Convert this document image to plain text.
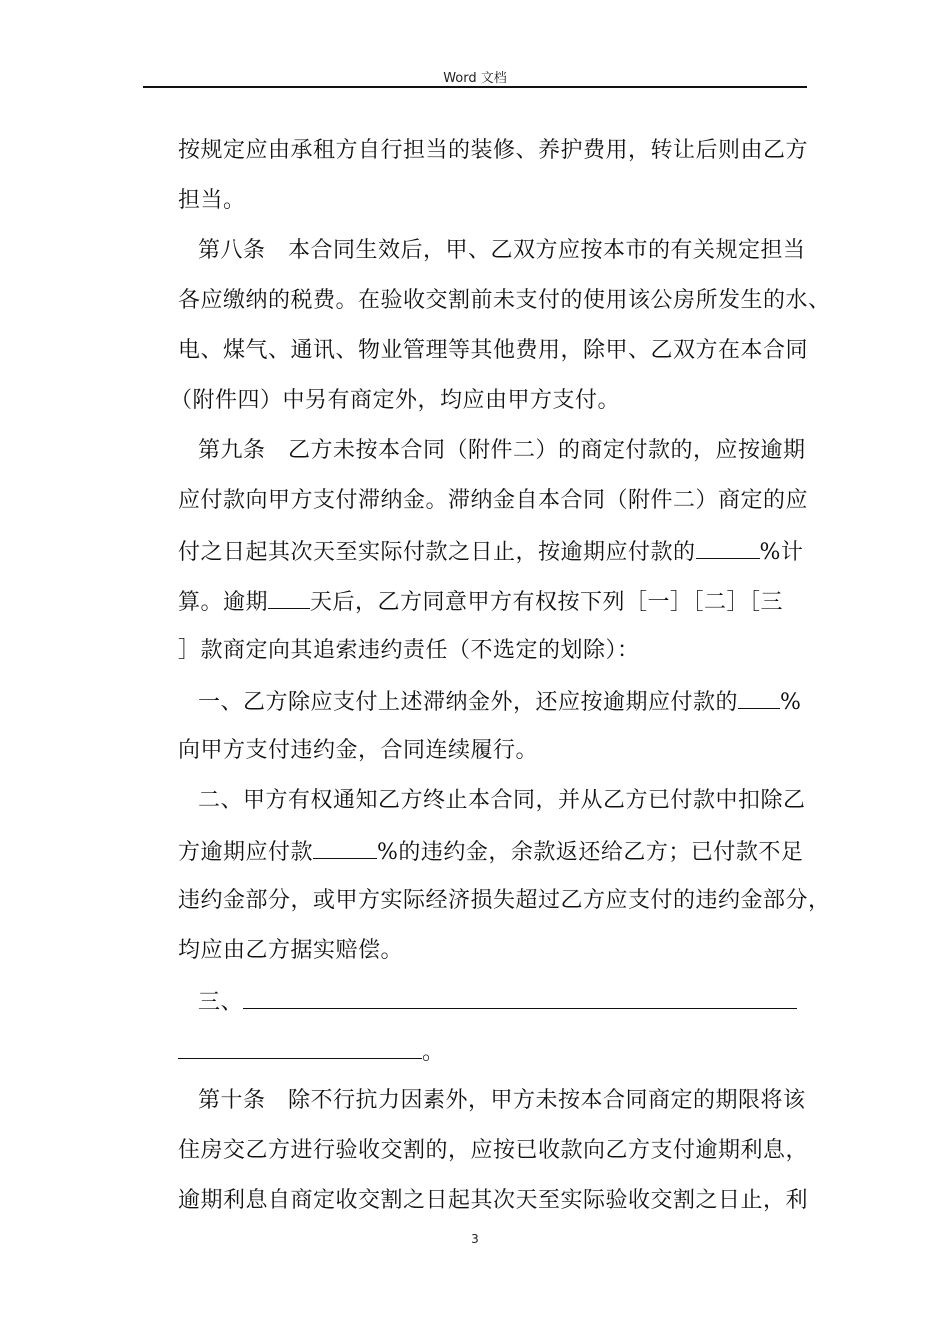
Word 文档
按规定应由承租方自行担当的装修、养护费用，转让后则由乙方
担当。
第八条　本合同生效后，甲、乙双方应按本市的有关规定担当
各应缴纳的税费。在验收交割前未支付的使用该公房所发生的水、
电、煤气、通讯、物业管理等其他费用，除甲、乙双方在本合同
（附件四）中另有商定外，均应由甲方支付。
第九条　乙方未按本合同（附件二）的商定付款的，应按逾期
应付款向甲方支付滞纳金。滞纳金自本合同（附件二）商定的应
付之日起其次天至实际付款之日止，按逾期应付款的	%计
算。逾期 天后，乙方同意甲方有权按下列［一］［二］［三
］款商定向其追索违约责任（不选定的划除）：
一、乙方除应支付上述滞纳金外，还应按逾期应付款的 %
向甲方支付违约金，合同连续履行。
二、甲方有权通知乙方终止本合同，并从乙方已付款中扣除乙
方逾期应付款	%的违约金，余款返还给乙方；已付款不足
违约金部分，或甲方实际经济损失超过乙方应支付的违约金部分，
均应由乙方据实赔偿。
三、
。
第十条　除不行抗力因素外，甲方未按本合同商定的期限将该
住房交乙方进行验收交割的，应按已收款向乙方支付逾期利息，
逾期利息自商定收交割之日起其次天至实际验收交割之日止，利
3
